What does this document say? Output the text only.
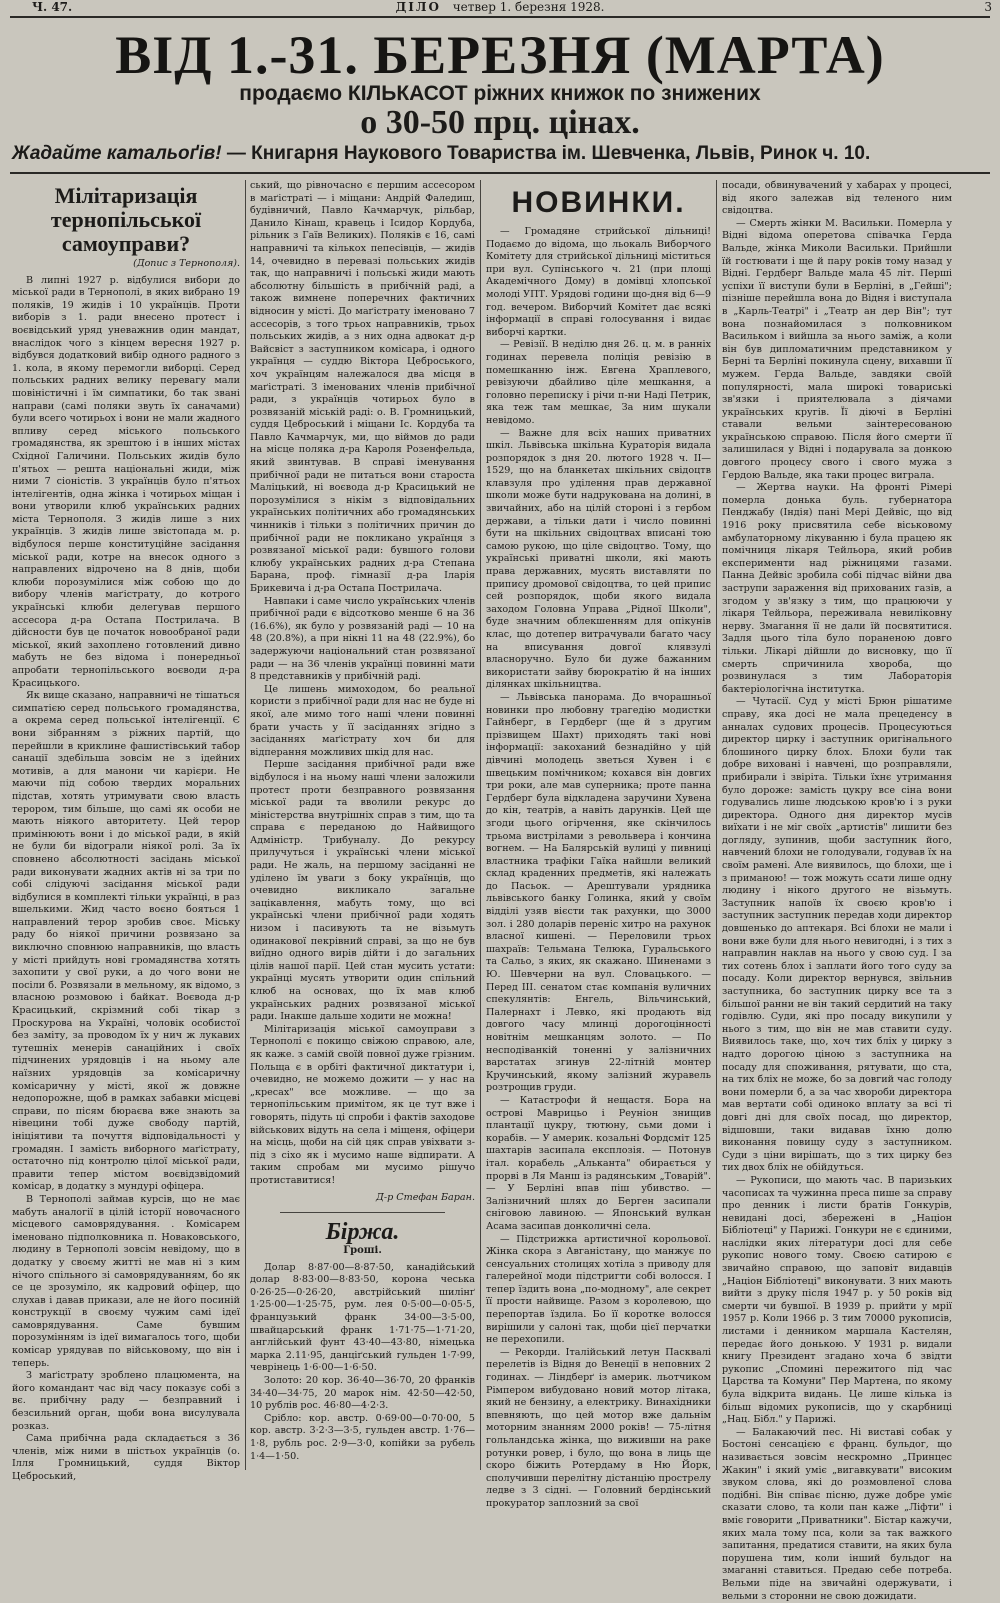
Ч. 47.	ДІЛО четвер 1. березня 1928.	3
ВІД 1.-31. БЕРЕЗНЯ (МАРТА)
продаємо КІЛЬКАСОТ ріжних книжок по знижених
о 30-50 прц. цінах.
Жадайте катальоґів! — Книгарня Наукового Товариства ім. Шевченка, Львів, Ринок ч. 10.
Мілітаризація тернопільської самоуправи?
(Допис з Тернополя).

В липні 1927 р. відбулися вибори до міської ради в Тернополі, в яких вибрано 19 поляків, 19 жидів і 10 українців. Проти виборів з 1. ради внесено протест і воєвідський уряд уневажнив один мандат, внаслідок чого з кінцем вересня 1927 р. відбувся додатковий вибір одного радного з 1. кола, в якому перемогли виборці. Серед польських радних велику перевагу мали шовіністичні і їм симпатики, бо так звані направи (самі поляки звуть їх саначами) були всего чотирьох і вони не мали жадного впливу серед міського польського громадянства, як зрештою і в інших містах Східної Галичини. Польських жидів було п'ятьох — решта національні жиди, між ними 7 сіоністів. З українців було п'ятьох інтелігентів, одна жінка і чотирьох міщан і вони утворили клюб українських радних міста Тернополя. З жидів лише з них українців. З жидів лише звістопада м. р. відбулося перше конституційне засідання міської ради, котре на внесок одного з направлених відрочено на 8 днів, щоби клюби порозумілися між собою що до вибору членів маґістрату, до котрого українські клюби делегував першого ассесора д-ра Остапа Пострилача. В дійсности був це початок новообраної ради міської, який захоплено готовлений дивно мабуть не без відома і понередньої апробати тернопільського воєводи д-ра Красицького.

Як вище сказано, направничі не тішаться симпатією серед польського громадянства, а окрема серед польської інтелігенції. Є вони зібранням з ріжних партій, що перейшли в криклине фашистівський табор санації здебільша зовсім не з ідейних мотивів, а для манони чи карієри. Не маючи під собою твердих моральних підстав, хотять утримувати свою власть терором, тим більше, що самі як особи не мають ніякого авторитету. Цей терор примінюють вони і до міської ради, в якій не були би відограли ніякої ролі. За їх сповнено абсолютності засідань міської ради виконувати жадних актів ні за три по собі слідуючі засідання міської ради відбулися в комплекті тільки українці, в раз вшелькими. Жид часто воєно бояться 1 направлений терор зробив своє. Міську раду бо ніякої причини розвязано за виключно сповнюю направників, що власть у місті прийдуть нові громадянства хотять захопити у свої руки, а до чого вони не посіли б. Розвязали в мельному, як відомо, з власною розмовою і байкат. Воєвода д-р Красицький, скрізмний собі тікар з Проскурова на Україні, чоловік особистої без заміту, за проводом їх у нич ж лукавих тутешніх менерів санаційних і своїх підчинених урядовців і на ньому але наїзних урядовців за комісаричну комісаричну у місті, якої ж довжне недопорожне, щоб в рамках забавки місцеві справи, по пісям бюраєва вже знають за нівецини тобі дуже свободу партій, ініціятиви та почуття відповідальності у громадян. І замість виборного маґістрату, остаточно під контролю цілої міської ради, правити тепер містом воєвідзвідомий комісар, в додатку з мундурі офіцера.

В Тернополі займав курсів, що не має мабуть аналогії в цілій історії новочасного місцевого самоврядування. . Комісарем іменовано підполковника п. Новаковського, людину в Тернополі зовсім невідому, що в додатку у своєму житті не мав ні з ким нічого спільного зі самоврядуванням, бо як се це зрозуміло, як кадровий офіцер, що слухав і давав прикази, але не його посиній конструкції в своєму чужим самі ідеї самоврядування. Саме бувшим порозумінням із ідеї вимагалось того, щоби комісар урядував по військовому, що він і теперь.

З маґістрату зроблено плацюмента, на його командант час від часу показує собі з вє. прибічну раду — безправний і безсильний орган, щоби вона висулувала розказ.

Сама прибічна рада складається з 36 членів, між ними в шістьох українців (о. Ілля Громницький, суддя Віктор Цеброський,

ський, що рівночасно є першим ассесором в маґістраті — і міщани: Андрій Фаледиш, будівничий, Павло Качмарчук, рільбар, Данило Кінаш, кравець і Ісидор Кордуба, рільник з Гаїв Великих). Поляків є 16, самі направничі та кількох пепесівців, — жидів 14, очевидно в перевазі польських жидів так, що направничі і польські жиди мають абсолютну більшість в прибічній раді, а також вимнене поперечних фактичних відносин у місті. До маґістрату іменовано 7 ассесорів, з того трьох направників, трьох польських жидів, а з них одна адвокат д-р Вайсвіст з заступником комісара, і одного українця — суддю Віктора Цеброського, хоч українцям належалося два місця в маґістраті. З іменованих членів прибічної ради, з українців чотирьох було в розвязаній міській раді: о. В. Громницький, суддя Цеброський і міщани Іс. Кордуба та Павло Качмарчук, ми, що віймов до ради на місце поляка д-ра Кароля Розенфельда, який звинтував. В справі іменування прибічної ради не питаться вони староста Маліцький, ні воєвода д-р Красицький не порозумілися з нікім з відповідальних українських політичних або громадянських чинників і тільки з політичних причин до прибічної ради не покликано українця з розвязаної міської ради: бувшого голови клюбу українських радних д-ра Степана Барана, проф. гімназії д-ра Іларія Брикевича і д-ра Остапа Пострилача.

Навпаки і саме число українських членів прибічної ради є відсотково менше 6 на 36 (16.6%), як було у розвязаній раді — 10 на 48 (20.8%), а при нікні 11 на 48 (22.9%), бо задержуючи національний стан розвязаної ради — на 36 членів українці повинні мати 8 представників у прибічній раді.

Це лишень мимоходом, бо реальної користи з прибічної ради для нас не буде ні якої, але мимо того наші члени повинні брати участь у її засіданнях згідно з засіданнях маґістрату хоч би для відперання можливих шкід для нас.

Перше засідання прибічної ради вже відбулося і на ньому наші члени заложили протест проти безправного розвязання міської ради та вволили рекурс до міністерства внутрішніх справ з тим, що та справа є переданою до Найвищого Адміністр. Трибуналу. До рекурсу прилучуться і українські члени міської ради. Не жаль, на першому засіданні не уділено їм уваги з боку українців, що очевидно викликало загальне зацікавлення, мабуть тому, що всі українські члени прибічної ради ходять низом і пасивують та не візьмуть одинакової пекрівний справі, за що не був виїдно одного вирів дійти і до загальних цілів нашої парії. Цей стан мусить устати: українці мусять утворити один спільний клюб на основах, що їх мав клюб українських радних розвязаної міської ради. Інакше дальше ходити не можна!

Мілітаризація міської самоуправи з Тернополі є покищо свіжою справою, але, як каже. з самій своїй повної дуже грізним. Польща є в орбіті фактичної диктатури і, очевидно, не можемо дожити — у нас на „кресах" все можливе. — що за тернопільським примітом, як це тут вже і говорять, підуть ці спроби і фактів заходове військових відуть на села і міщеня, офіцери на місць, щоби на сій цяк справ увіхвати з-під з сіхо як і мусимо наше відпирати. А таким спробам ми мусимо рішучо протиставитися!

Д-р Стефан Баран.
Біржа.
Гроші.

Долар 8·87·00—8·87·50, канадійський долар 8·83·00—8·83·50, корона чеська 0·26·25—0·26·20, австрійський шилінґ 1·25·00—1·25·75, рум. лея 0·5·00—0·05·5, французький франк 34·00—3·5·00, швайцарський франк 1·71·75—1·71·20, англійський фунт 43·40—43·80, німецька марка 2.11·95, данціґський гульден 1·7·99, чеврінець 1·6·00—1·6·50.

Золото: 20 кор. 36·40—36·70, 20 франків 34·40—34·75, 20 марок нім. 42·50—42·50, 10 рублів рос. 46·80—4·2·3.

Срібло: кор. австр. 0·69·00—0·70·00, 5 кор. австр. 3·2·3—3·5, гульден австр. 1·76—1·8, рубль рос. 2·9—3·0, копійки за рубель 1·4—1·50.

НОВИНКИ.

— Громадяне стрийської дільниці! Подаємо до відома, що льокаль Виборчого Комітету для стрийської дільниці міститься при вул. Супінського ч. 21 (при площі Академічного Дому) в домівці хлопської молоді УПТ. Урядові години що-дня від 6—9 год. вечером. Виборчий Комітет дає всякі інформації в справі голосування і видає виборчі картки.

— Ревізії. В неділю дня 26. ц. м. в ранніх годинах перевела поліція ревізію в помешканню інж. Евгена Храплевого, ревізуючи дбайливо ціле мешкання, а головно переписку і річи п-ни Наді Петрик, яка теж там мешкає, За ним шукали невідомо.

— Важне для всіх наших приватних шкіл. Львівська шкільна Кураторія видала розпорядок з дня 20. лютого 1928 ч. ІІ—1529, що на бланкетах шкільних свідоцтв клавзуля про уділення прав державної школи може бути надрукована на долині, в звичайних, або на цілій стороні і з гербом держави, а тільки дати і число повинні бути на шкільних свідоцтвах вписані тою самою рукою, що ціле свідоцтво. Тому, що українські приватні школи, які мають права державних, мусять виставляти по припису дромової свідоцтва, то цей припис сей розпорядок, щоби якого видала заходом Головна Управа „Рідної Школи", буде значним облекшенням для опікунів клас, що дотепер витрачували багато часу на вписування довгої клявзулі власноручно. Було би дуже бажанним використати зайву бюрократію й на інших ділянках шкільництва.

— Львівська панорама. До вчорашньої новинки про любовну трагедію модистки Гайнберг, в Гердберг (ще й з другим прізвищем Шахт) приходять такі нові інформації: закоханий безнадійно у цій дівчині молодець зветься Хувен і є швецьким помічником; кохався він довгих три роки, але мав суперника; проте панна Гердберг була відкладена заручини Хувена до кін, театрів, а навіть дарунків. Цей ще згоди цього огірчення, яке скінчилось трьома вистрілами з револьвера і кончина вогнем. — На Балярській вулиці у пивниці властника трафіки Гаїка найшли великий склад краденних предметів, які належать до Пасьок. — Арештували урядника львівського банку Голинка, який у своїм відділі узяв вієсти так рахунки, що 3000 зол. і 280 доларів переніс хитро на рахунок власної кишені. — Переловили трьох шахраїв: Тельмана Телюка, Гуральського та Сальо, з яких, як скажано. Шиненами з Ю. Шевчерни на вул. Словацького. — Перед III. сенатом стає компанія вуличних спекулянтів: Енгель, Вільчинський, Палернахт і Левко, які продають від довгого часу млинці дорогоцінності новітнім мешканцям золото. — По несподіванкій тоненні у залізничних варстатах згинув 22-літній монтер Кручинський, якому залізний журавель розтрощив груди.

— Катастрофи й нещастя. Бора на острові Маврицьо і Реуніон знищив плантації цукру, тютюну, сьми доми і корабів. — У америк. козальні Фордсміт 125 шахтарів засипала експлозія. — Потонув італ. корабель „Альканта" обирається у прорві в Ля Манш із радянським „Товарій". — У Берліні впав піш убивство. — Залізничний шлях до Берген засипали сніговою лавиною. — Японський вулкан Асама засипав донколичні села.

— Підстрижка артистичної корольової. Жінка скора з Авганістану, що манжує по сенсуальних столицях хотіла з приводу для галерейної моди підстригти собі волосся. І тепер їздить вона „по-модному", але секрет її прости найвище. Разом з королевою, що перепортав їздила. Бо її коротке волосся вирішили у салоні так, щоби цієї перчатки не перехопили.

— Рекорди. Італійський летун Пасквалі перелетів із Відня до Венеції в неповних 2 годинах. — Ліндберґ із америк. льотчиком Рімпером вибудовано новий мотор літака, який не бензину, а електрику. Винахідники впевняють, що цей мотор вже дальнім моторним знанням 2000 років! — 75-літня гольландська жінка, що виживши на раке ротунки ровер, і було, що вона в лиць ще скоро біжить Ротердаму в Ню Йорк, сполучивши перелітну дістанцію прострелу ледве з 3 сідні. — Головний бердінський прокуратор заплозний за свої

посади, обвинувачений у хабарах у процесі, від якого залежав від теленого ним свідоцтва.

— Смерть жінки М. Васильки. Померла у Відні відома оперетова співачка Герда Вальде, жінка Миколи Васильки. Прийшли їй гостювати і ще й пару років тому назад у Відні. Гердберг Вальде мала 45 літ. Перші успіхи її виступи були в Берліні, в „Гейші"; пізніше перейшла вона до Відня і виступала в „Карль-Театрі" і „Театр ан дер Він"; тут вона познайомилася з полковником Васильком і вийшла за нього заміж, а коли він був дипломатичним представником у Берні та Берліні покинула сцену, вихавши її мужем. Герда Вальде, завдяки своїй популярності, мала широкі товариські зв'язки і приятелювала з діячами українських кругів. Її діючі в Берліні ставали вельми заінтересованою українською справою. Після його смерти її залишилася у Відні і подарувала за донкою довгого процесу свого і свого мужа з Гердою Вальде, яка таки процес виграла.

— Жертва науки. На фронті Рімері померла донька буль. губернатора Пенджабу (Індія) пані Мері Дейвіс, що від 1916 року присвятила себе віськовому амбулаторному лікуванню і була працею як помічниця лікаря Тейльора, який робив експерименти над ріжницями газами. Панна Дейвіс зробила собі підчас війни два заструпи зараження від прихованих газів, а згодом у зв'язку з тим, що працюючи у лікаря Тейльора, переживала невиліковну нерву. Змагання її не дали їй посвятитися. Задля цього тіла було пораненою довго тільки. Лікарі дійшли до висновку, що її смерть спричинила хвороба, що розвинулася з тим Лабораторія бактеріологічна інститутка.

— Чутасії. Суд у місті Брюн рішатиме справу, яка досі не мала прецеденсу в анналах судових процесів. Процесуються директор цирку і заступник оригінального блошиного цирку блох. Блохи були так добре вихованi і навчені, що розправляли, прибирали і звіріта. Тільки їхнє утримання було дороже: замість цукру все сіна вони годувались лише людською кров'ю і з руки директора. Одного дня директор мусів виїхати і не міг своїх „артистів" лишити без догляду, зупинив, щоби заступник його, навчений блохи не голодували, годував їх на своїм рамені. Але виявилось, що блохи, ще і з приманою! — тож можуть ссати лише одну людину і нікого другого не візьмуть. Заступник напоїв їх своєю кров'ю і заступник заступник передав ходи директор довшенько до аптекаря. Всі блохи не мали і вони вже були для нього невигодні, і з тих з направлин наклав на нього у свою суд. І за тих сотень блох і заплати його того суду за посаду. Коли директор вернувся, звільнив заступника, бо заступник цирку все та з більшої ранни не він такий сердитий на таку годівлю. Суди, які про посаду викупили у нього з тим, що він не мав ставити суду. Виявилось таке, що, хоч тих бліх у цирку з надто дорогою ціною з заступника на посаду для споживання, рятувати, що ста, на тих бліх не може, бо за довгий час голоду вони померли б, а за час хвороби директора мав вертати собі одиноко вплату за всі ті довгі дні для своїх посад, що директор, відшовши, таки видавав їхню долю виконання повищу суду з заступником. Суди з ціни вирішать, що з тих цирку без тих двох бліх не обійдуться.

— Рукописи, що мають час. В паризьких часописах та чужинна преса пише за справу про денник і листи братів Гонкурів, невидані досі, збережені в „Націон Бібліотеці" у Парижі. Гонкури не є єдиними, наслідки яких літератури досі для себе рукопис нового тому. Своєю сатирою є звичайно справою, що заповіт видавців „Націон Бібліотеці" виконувати. З них мають вийти з друку після 1947 р. у 50 років від смерти чи бувшої. В 1939 р. прийти у мрії 1957 р. Коли 1966 р. З тим 70000 рукописів, листами і денником маршала Кастелян, передає його донькою. У 1931 р. видали книгу Президент згадано хоча б звідти рукопис „Спомині пережитого під час Царства та Комуни" Пер Мартена, по якому була відкрита видань. Це лише кілька із більш відомих рукописів, що у скарбниці „Нац. Бібл." у Парижі.

— Балакаючий пес. Ні виставі собак у Бостоні сенсацією є франц. бульдог, що називається зовсім нескромно „Принцес Жакин" і який уміє „вигавкувати" високим звуком слова, які до розмовленої слова подібні. Він співає пісню, дуже добре уміє сказати слово, та коли пан каже „Ліфти" і вміє говорити „Приватники". Бістар кажучи, яких мала тому пса, коли за так важкого запитання, предатися ставити, на яких була порушена тим, коли інший бульдог на змаганні ставиться. Предаю себе потреба. Вельми піде на звичайні одержувати, і вельми з сторонни не свою дожидати.
